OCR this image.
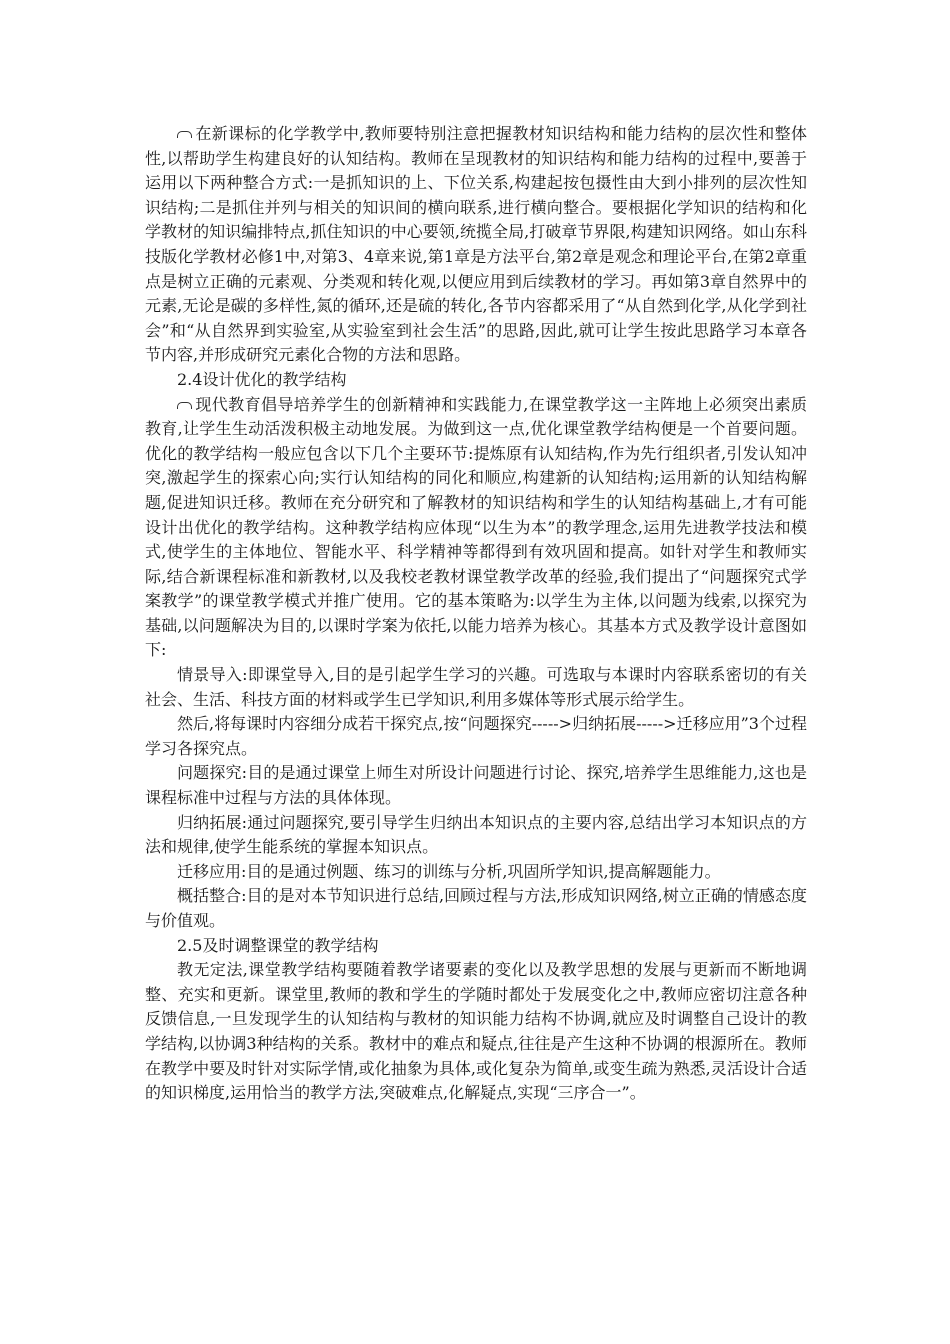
在新课标的化学教学中,教师要特别注意把握教材知识结构和能力结构的层次性和整体性,以帮助学生构建良好的认知结构。教师在呈现教材的知识结构和能力结构的过程中,要善于运用以下两种整合方式:一是抓知识的上、下位关系,构建起按包摄性由大到小排列的层次性知识结构;二是抓住并列与相关的知识间的横向联系,进行横向整合。要根据化学知识的结构和化学教材的知识编排特点,抓住知识的中心要领,统揽全局,打破章节界限,构建知识网络。如山东科技版化学教材必修1中,对第3、4章来说,第1章是方法平台,第2章是观念和理论平台,在第2章重点是树立正确的元素观、分类观和转化观,以便应用到后续教材的学习。再如第3章自然界中的元素,无论是碳的多样性,氮的循环,还是硫的转化,各节内容都采用了“从自然到化学,从化学到社会”和“从自然界到实验室,从实验室到社会生活”的思路,因此,就可让学生按此思路学习本章各节内容,并形成研究元素化合物的方法和思路。

2.4设计优化的教学结构

现代教育倡导培养学生的创新精神和实践能力,在课堂教学这一主阵地上必须突出素质教育,让学生生动活泼积极主动地发展。为做到这一点,优化课堂教学结构便是一个首要问题。优化的教学结构一般应包含以下几个主要环节:提炼原有认知结构,作为先行组织者,引发认知冲突,激起学生的探索心向;实行认知结构的同化和顺应,构建新的认知结构;运用新的认知结构解题,促进知识迁移。教师在充分研究和了解教材的知识结构和学生的认知结构基础上,才有可能设计出优化的教学结构。这种教学结构应体现“以生为本”的教学理念,运用先进教学技法和模式,使学生的主体地位、智能水平、科学精神等都得到有效巩固和提高。如针对学生和教师实际,结合新课程标准和新教材,以及我校老教材课堂教学改革的经验,我们提出了“问题探究式学案教学”的课堂教学模式并推广使用。它的基本策略为:以学生为主体,以问题为线索,以探究为基础,以问题解决为目的,以课时学案为依托,以能力培养为核心。其基本方式及教学设计意图如下:

情景导入:即课堂导入,目的是引起学生学习的兴趣。可选取与本课时内容联系密切的有关社会、生活、科技方面的材料或学生已学知识,利用多媒体等形式展示给学生。

然后,将每课时内容细分成若干探究点,按“问题探究----->归纳拓展----->迁移应用”3个过程学习各探究点。

问题探究:目的是通过课堂上师生对所设计问题进行讨论、探究,培养学生思维能力,这也是课程标准中过程与方法的具体体现。

归纳拓展:通过问题探究,要引导学生归纳出本知识点的主要内容,总结出学习本知识点的方法和规律,使学生能系统的掌握本知识点。

迁移应用:目的是通过例题、练习的训练与分析,巩固所学知识,提高解题能力。

概括整合:目的是对本节知识进行总结,回顾过程与方法,形成知识网络,树立正确的情感态度与价值观。

2.5及时调整课堂的教学结构

教无定法,课堂教学结构要随着教学诸要素的变化以及教学思想的发展与更新而不断地调整、充实和更新。课堂里,教师的教和学生的学随时都处于发展变化之中,教师应密切注意各种反馈信息,一旦发现学生的认知结构与教材的知识能力结构不协调,就应及时调整自己设计的教学结构,以协调3种结构的关系。教材中的难点和疑点,往往是产生这种不协调的根源所在。教师在教学中要及时针对实际学情,或化抽象为具体,或化复杂为简单,或变生疏为熟悉,灵活设计合适的知识梯度,运用恰当的教学方法,突破难点,化解疑点,实现“三序合一”。
